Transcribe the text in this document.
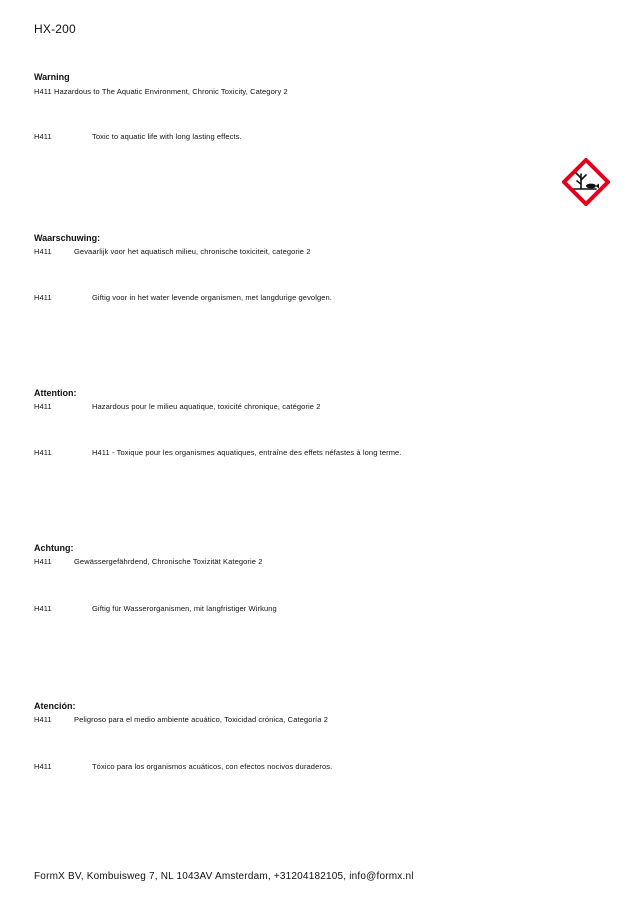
HX-200
Warning
H411 Hazardous to The Aquatic Environment, Chronic Toxicity, Category 2
H411	Toxic to aquatic life with long lasting effects.
Waarschuwing:
H411	Gevaarlijk voor het aquatisch milieu, chronische toxiciteit, categorie 2
H411	Giftig voor in het water levende organismen, met langdurige gevolgen.
Attention:
H411	Hazardous pour le milieu aquatique, toxicité chronique, catégorie 2
H411	H411 - Toxique pour les organismes aquatiques, entraîne des effets néfastes à long terme.
Achtung:
H411	Gewässergefährdend, Chronische Toxizität Kategorie 2
H411	Giftig für Wasserorganismen, mit langfristiger Wirkung
Atención:
H411	Peligroso para el medio ambiente acuático, Toxicidad crónica, Categoría 2
H411	Tóxico para los organismos acuáticos, con efectos nocivos duraderos.
FormX BV, Kombuisweg 7, NL 1043AV Amsterdam, +31204182105, info@formx.nl
